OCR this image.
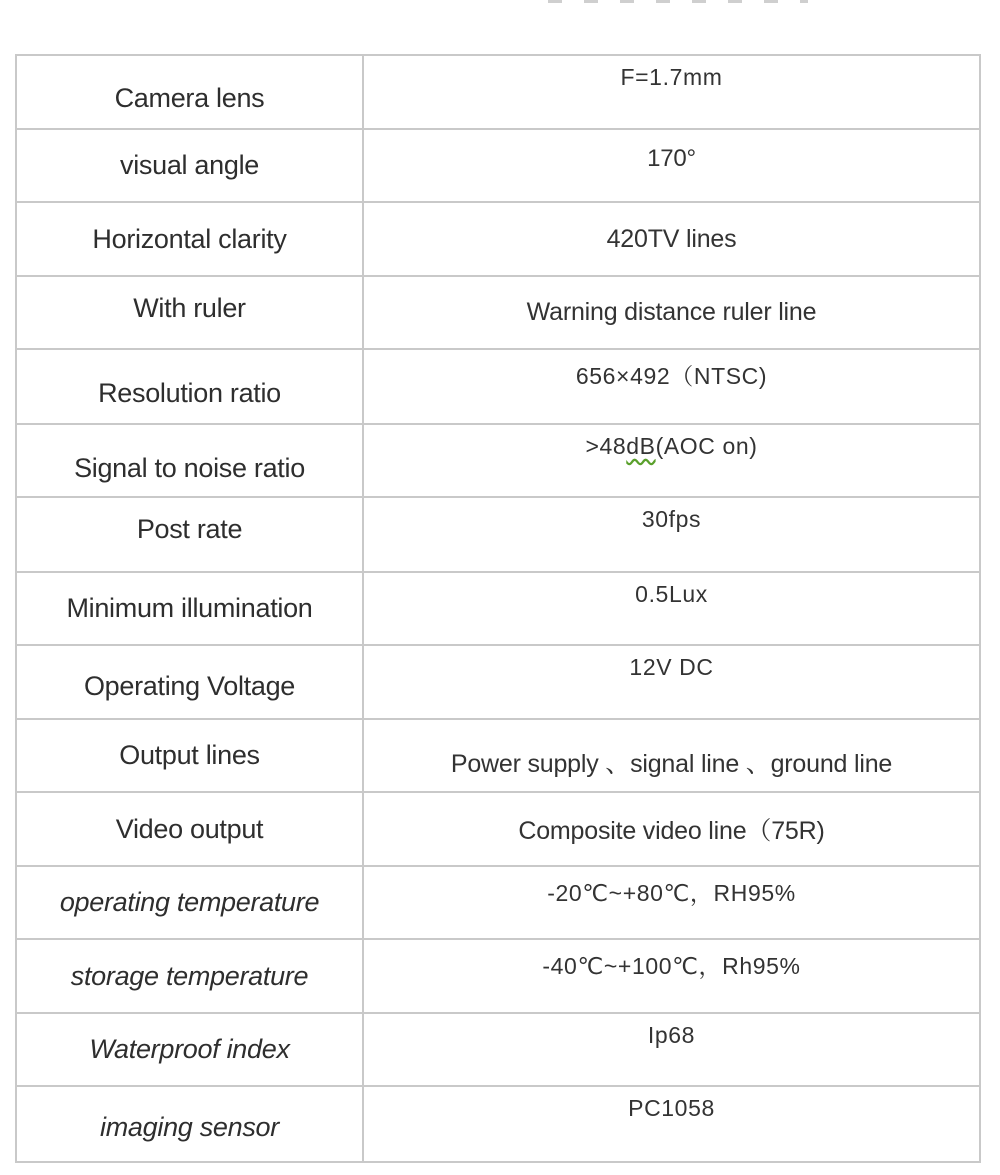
Camera lens	F=1.7mm
visual angle	170°
Horizontal clarity	420TV lines
With ruler	Warning distance ruler line
Resolution ratio	656×492（NTSC)
Signal to noise ratio	>48dB(AOC on)
Post rate	30fps
Minimum illumination	0.5Lux
Operating Voltage	12V DC
Output lines	Power supply 、signal line 、ground line
Video output	Composite video line（75R)
operating temperature	-20℃~+80℃，RH95%
storage temperature	-40℃~+100℃，Rh95%
Waterproof index	Ip68
imaging sensor	PC1058
